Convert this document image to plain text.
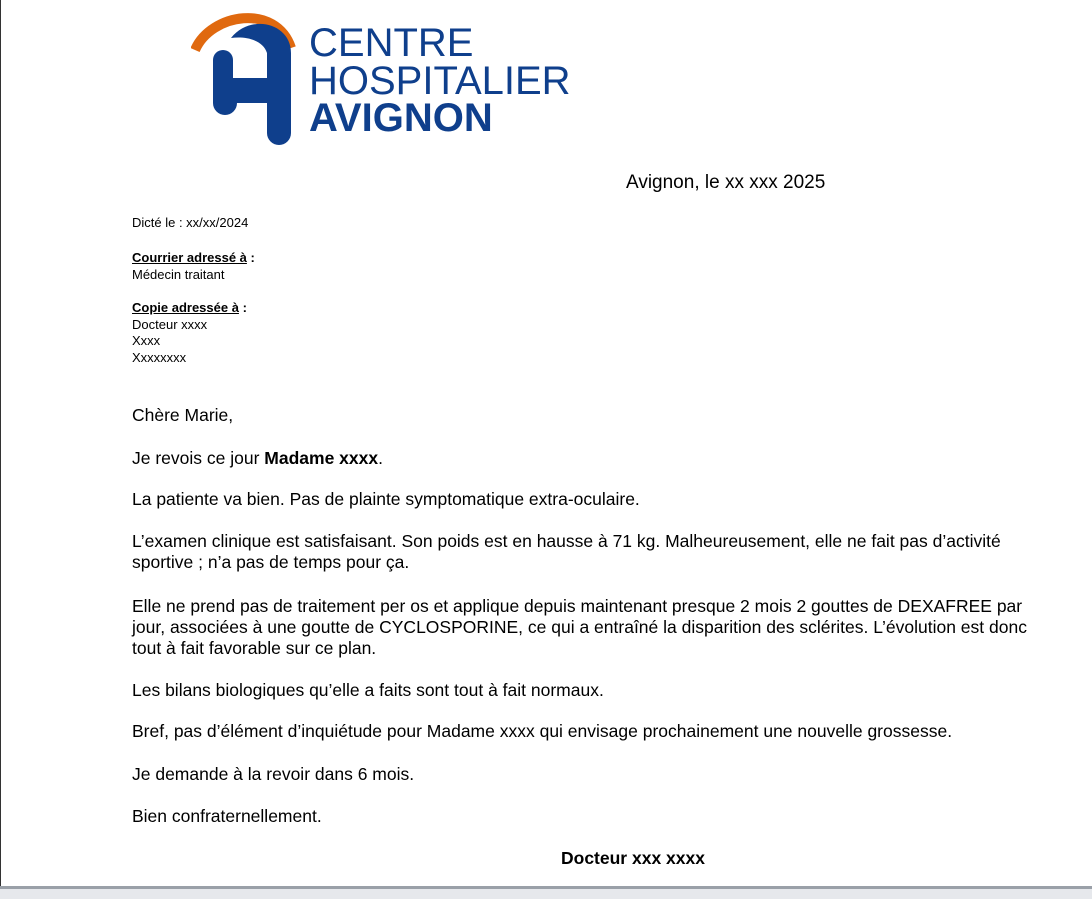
CENTRE
HOSPITALIER
AVIGNON
Avignon, le xx xxx 2025
Dicté le : xx/xx/2024
Courrier adressé à :
Médecin traitant
Copie adressée à :
Docteur xxxx
Xxxx
Xxxxxxxx
Chère Marie,
Je revois ce jour Madame xxxx.
La patiente va bien. Pas de plainte symptomatique extra-oculaire.
L’examen clinique est satisfaisant. Son poids est en hausse à 71 kg. Malheureusement, elle ne fait pas d’activité sportive ; n’a pas de temps pour ça.
Elle ne prend pas de traitement per os et applique depuis maintenant presque 2 mois 2 gouttes de DEXAFREE par jour, associées à une goutte de CYCLOSPORINE, ce qui a entraîné la disparition des sclérites. L’évolution est donc tout à fait favorable sur ce plan.
Les bilans biologiques qu’elle a faits sont tout à fait normaux.
Bref, pas d’élément d’inquiétude pour Madame xxxx qui envisage prochainement une nouvelle grossesse.
Je demande à la revoir dans 6 mois.
Bien confraternellement.
Docteur xxx xxxx
